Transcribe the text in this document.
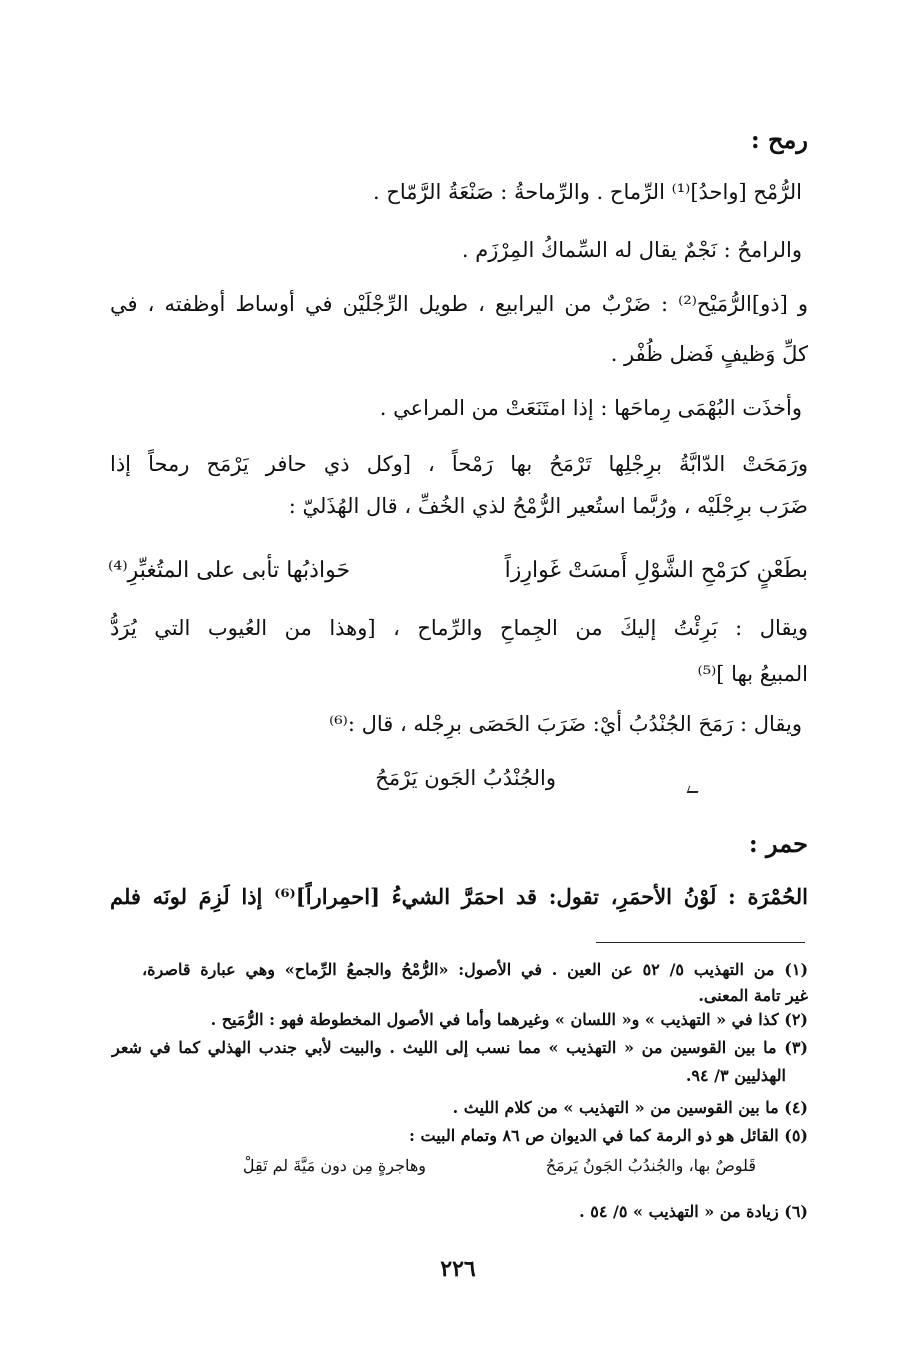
رمح :
الرُّمْح [واحدُ]⁽¹⁾ الرِّماح . والرِّماحةُ : صَنْعَةُ الرَّمّاح .
والرامحُ : نَجْمٌ يقال له السِّماكُ المِرْزَم .
و [ذو]الرُّمَيْح⁽²⁾ : ضَرْبٌ من اليرابيع ، طويل الرِّجْلَيْن في أوساط أوظفته ، في
كلِّ وَظيفٍ فَضل ظُفْر .
وأخذَت البُهْمَى رِماحَها : إذا امتَنَعَتْ من المراعي .
ورَمَحَتْ الدّابَّةُ برِجْلِها تَرْمَحُ بها رَمْحاً ، [وكل ذي حافر يَرْمَح رمحاً إذا
ضَرَب برِجْلَيْه ، ورُبَّما استُعير الرُّمْحُ لذي الخُفِّ ، قال الهُذَليّ :
بطَعْنٍ كرَمْحِ الشَّوْلِ أَمسَتْ غَوارِزاً
حَواذبُها تأبى على المتُغبِّرِ⁽⁴⁾
ويقال : بَرِئْتُ إليكَ من الجِماحِ والرِّماح ، [وهذا من العُيوب التي يُرَدُّ
المبيعُ بها ]⁽⁵⁾
ويقال : رَمَحَ الجُنْدُبُ أيْ: ضَرَبَ الحَصَى برِجْله ، قال :⁽⁶⁾
والجُنْدُبُ الجَون يَرْمَحُ
حمر :
الحُمْرَة : لَوْنُ الأحمَرِ، تقول: قد احمَرَّ الشيءُ [احمِراراً]⁽⁶⁾ إذا لَزِمَ لونَه فلم
(١) من التهذيب ٥/ ٥٢ عن العين . في الأصول: «الرُّمْحُ والجمعُ الرِّماح» وهي عبارة قاصرة،
غير تامة المعنى.
(٢) كذا في « التهذيب » و« اللسان » وغيرهما وأما في الأصول المخطوطة فهو : الرُّمَيح .
(٣) ما بين القوسين من « التهذيب » مما نسب إلى الليث . والبيت لأبي جندب الهذلي كما في شعر
الهذليين ٣/ ٩٤.
(٤) ما بين القوسين من « التهذيب » من كلام الليث .
(٥) القائل هو ذو الرمة كما في الديوان ص ٨٦ وتمام البيت :
وهاجرةٍ مِن دون مَيَّةَ لم تَقِلْ	قَلوصٌ بها، والجُندُبُ الجَونُ يَرمَحُ
(٦) زيادة من « التهذيب » ٥/ ٥٤ .
٢٢٦
